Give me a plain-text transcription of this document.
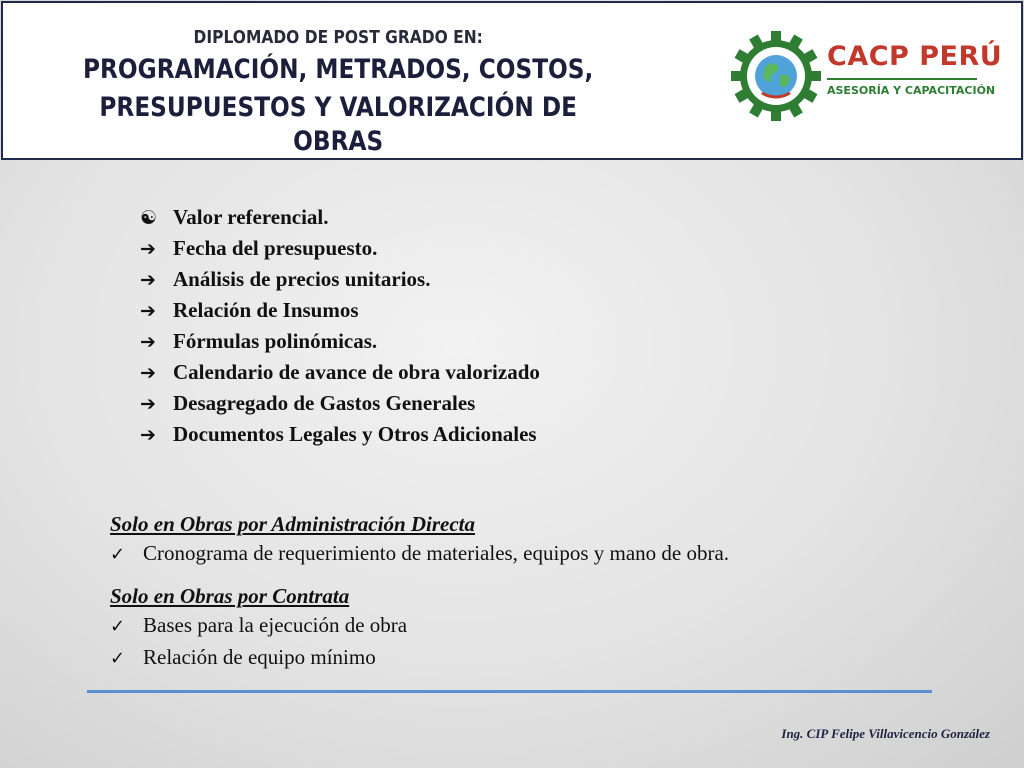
DIPLOMADO DE POST GRADO EN:
PROGRAMACIÓN, METRADOS, COSTOS,
PRESUPUESTOS Y VALORIZACIÓN DE OBRAS
CACP PERÚ
ASESORÍA Y CAPACITACIÓN
☯ Valor referencial.
➔ Fecha del presupuesto.
➔ Análisis de precios unitarios.
➔ Relación de Insumos
➔ Fórmulas polinómicas.
➔ Calendario de avance de obra valorizado
➔ Desagregado de Gastos Generales
➔ Documentos Legales y Otros Adicionales
Solo en Obras por Administración Directa
✓ Cronograma de requerimiento de materiales, equipos y mano de obra.
Solo en Obras por Contrata
✓ Bases para la ejecución de obra
✓ Relación de equipo mínimo
Ing. CIP Felipe Villavicencio González
